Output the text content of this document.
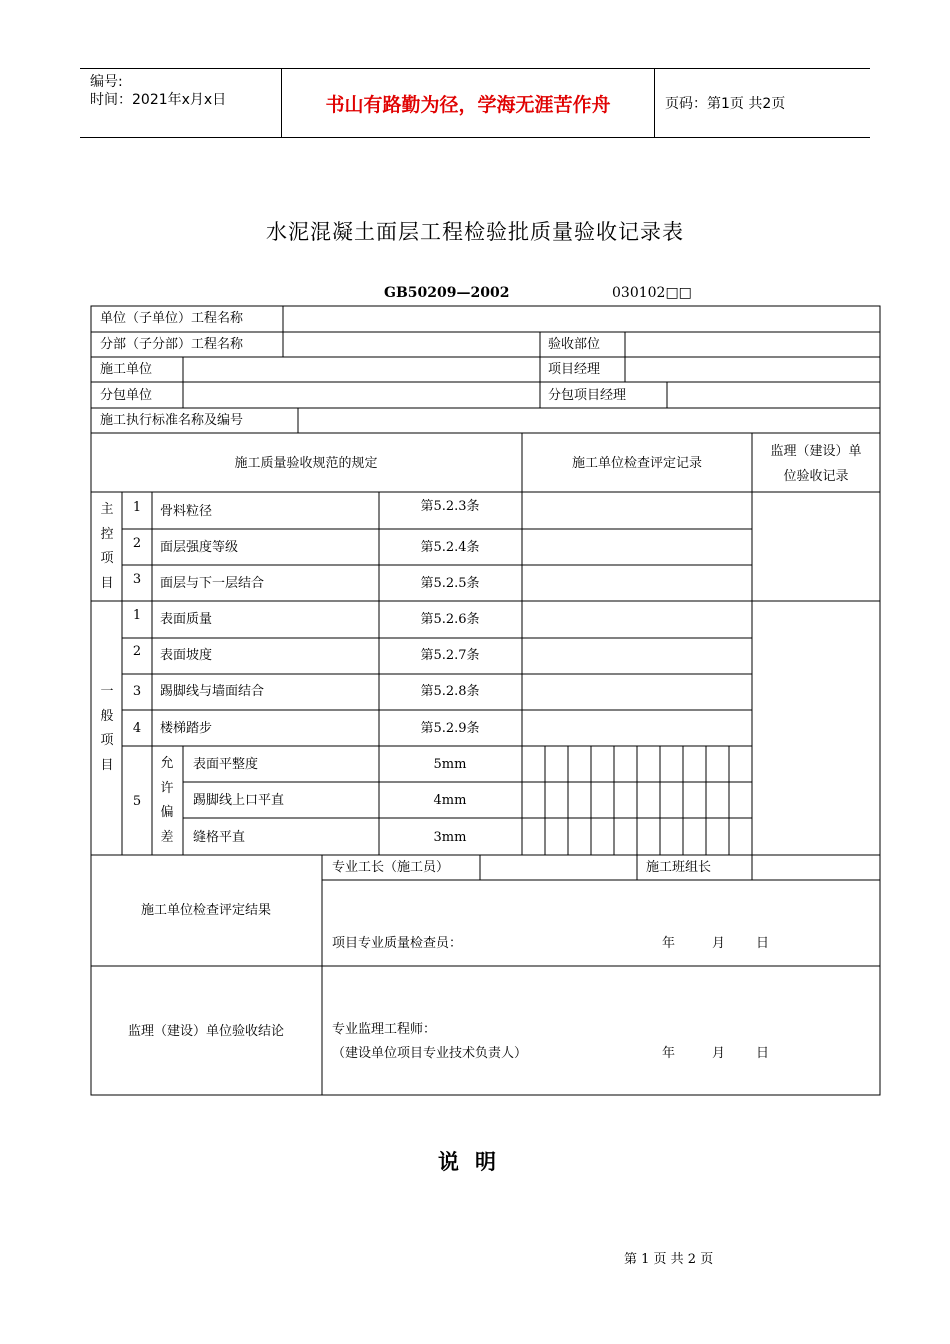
编号:
时间：2021年x月x日	书山有路勤为径，学海无涯苦作舟	页码：第1页 共2页
水泥混凝土面层工程检验批质量验收记录表
GB50209—2002	030102□□
单位（子单位）工程名称
分部（子分部）工程名称	验收部位
施工单位	项目经理
分包单位	分包项目经理
施工执行标准名称及编号
施工质量验收规范的规定	施工单位检查评定记录
监理（建设）单
位验收记录
主控项目
1 骨料粒径	第5.2.3条
2 面层强度等级	第5.2.4条
3 面层与下一层结合	第5.2.5条
一般项目
1 表面质量	第5.2.6条
2 表面坡度	第5.2.7条
3 踢脚线与墙面结合	第5.2.8条
4 楼梯踏步	第5.2.9条
5
允许偏差
表面平整度	5mm
踢脚线上口平直	4mm
缝格平直	3mm
施工单位检查评定结果
专业工长（施工员）	施工班组长
项目专业质量检查员：	年	月 日
监理（建设）单位验收结论	专业监理工程师：
（建设单位项目专业技术负责人）	年	月 日
说明
第 1 页 共 2 页
